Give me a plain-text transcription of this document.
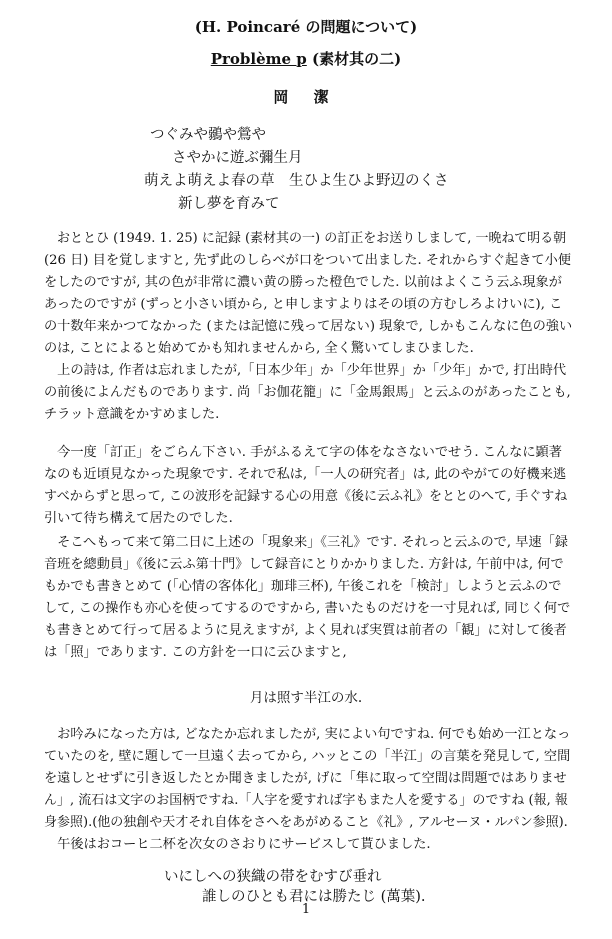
(H. Poincaré の問題について)
Problème p (素材其の二)
岡 潔
つぐみや鶸や鶯や
さやかに遊ぶ彌生月
萌えよ萌えよ春の草　生ひよ生ひよ野辺のくさ
新し夢を育みて
　おととひ (1949. 1. 25) に記録 (素材其の一) の訂正をお送りしまして, 一晩ねて明る朝
(26 日) 目を覚しますと, 先ず此のしらべが口をついて出ました. それからすぐ起きて小便
をしたのですが, 其の色が非常に濃い黄の勝った橙色でした. 以前はよくこう云ふ現象が
あったのですが (ずっと小さい頃から, と申しますよりはその頃の方むしろよけいに), こ
の十数年来かつてなかった (または記憶に残って居ない) 現象で, しかもこんなに色の強い
のは, ことによると始めてかも知れませんから, 全く驚いてしまひました.
　上の詩は, 作者は忘れましたが,「日本少年」か「少年世界」か「少年」かで, 打出時代
の前後によんだものであります. 尚「お伽花籠」に「金馬銀馬」と云ふのがあったことも,
チラット意識をかすめました.
　今一度「訂正」をごらん下さい. 手がふるえて字の体をなさないでせう. こんなに顕著
なのも近頃見なかった現象です. それで私は,「一人の研究者」は, 此のやがての好機来逃
すべからずと思って, この波形を記録する心の用意《後に云ふ礼》をととのへて, 手ぐすね
引いて待ち構えて居たのでした.
　そこへもって来て第二日に上述の「現象来」《三礼》です. それっと云ふので, 早速「録
音班を總動員」《後に云ふ第十門》して録音にとりかかりました. 方針は, 午前中は, 何で
もかでも書きとめて (「心情の客体化」珈琲三杯), 午後これを「検討」しようと云ふので
して, この操作も亦心を使ってするのですから, 書いたものだけを一寸見れば, 同じく何で
も書きとめて行って居るように見えますが, よく見れば実質は前者の「観」に対して後者
は「照」であります. この方針を一口に云ひますと,
月は照す半江の水.
　お吟みになった方は, どなたか忘れましたが, 実によい句ですね. 何でも始め一江となっ
ていたのを, 壁に題して一旦遠く去ってから, ハッとこの「半江」の言葉を発見して, 空間
を遠しとせずに引き返したとか聞きましたが, げに「隼に取って空間は問題ではありませ
ん」, 流石は文字のお国柄ですね.「人字を愛すれば字もまた人を愛する」のですね (報, 報
身参照).(他の独創や天才それ自体をさへをあがめること《礼》, アルセーヌ・ルパン参照).
　午後はおコーヒ二杯を次女のさおりにサービスして貰ひました.
いにしへの狭織の帯をむすび垂れ
誰しのひとも君には勝たじ (萬葉).
1
